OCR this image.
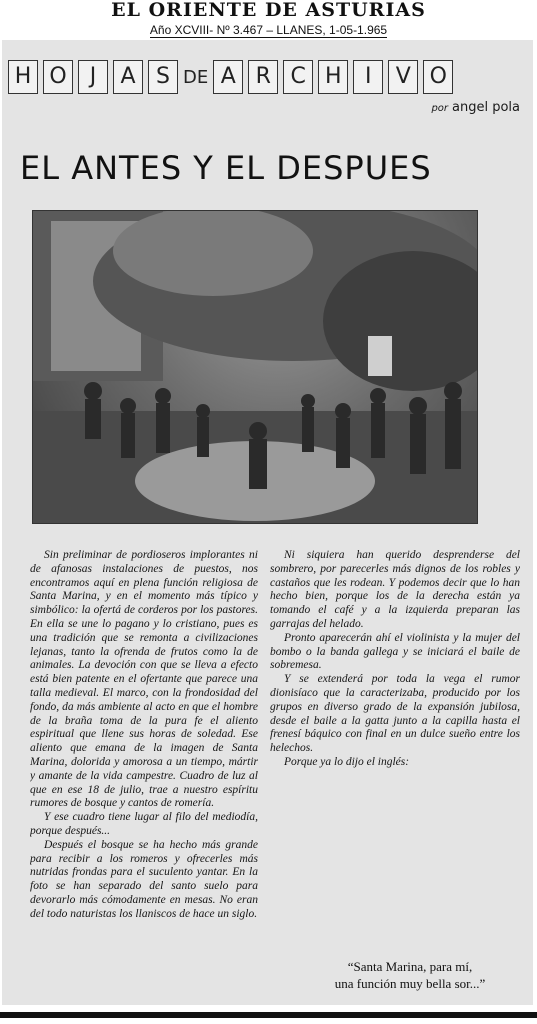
EL ORIENTE DE ASTURIAS
Año XCVIII- Nº 3.467 – LLANES, 1-05-1.965
H O	J	A S DE A R C H	I	V O
por angel pola
EL ANTES Y EL DESPUES

Sin preliminar de pordioseros implorantes ni de afanosas instalaciones de puestos, nos encontramos aquí en plena función religiosa de Santa Marina, y en el momento más típico y simbólico: la ofertá de corderos por los pastores. En ella se une lo pagano y lo cristiano, pues es una tradición que se remonta a civilizaciones lejanas, tanto la ofrenda de frutos como la de animales. La devoción con que se lleva a efecto está bien patente en el ofertante que parece una talla medieval. El marco, con la frondosidad del fondo, da más ambiente al acto en que el hombre de la braña toma de la pura fe el aliento espiritual que llene sus horas de soledad. Ese aliento que emana de la imagen de Santa Marina, dolorida y amorosa a un tiempo, mártir y amante de la vida campestre. Cuadro de luz al que en ese 18 de julio, trae a nuestro espíritu rumores de bosque y cantos de romería.

Y ese cuadro tiene lugar al filo del mediodía, porque después...

Después el bosque se ha hecho más grande para recibir a los romeros y ofrecerles más nutridas frondas para el suculento yantar. En la foto se han separado del santo suelo para devorarlo más cómodamente en mesas. No eran del todo naturistas los llaniscos de hace un siglo.

Ni siquiera han querido desprenderse del sombrero, por parecerles más dignos de los robles y castaños que les rodean. Y podemos decir que lo han hecho bien, porque los de la derecha están ya tomando el café y a la izquierda preparan las garrajas del helado.

Pronto aparecerán ahí el violinista y la mujer del bombo o la banda gallega y se iniciará el baile de sobremesa.

Y se extenderá por toda la vega el rumor dionisíaco que la caracterizaba, producido por los grupos en diverso grado de la expansión jubilosa, desde el baile a la gatta junto a la capilla hasta el frenesí báquico con final en un dulce sueño entre los helechos.

Porque ya lo dijo el inglés:

“Santa Marina, para mí,
una función muy bella sor...”
